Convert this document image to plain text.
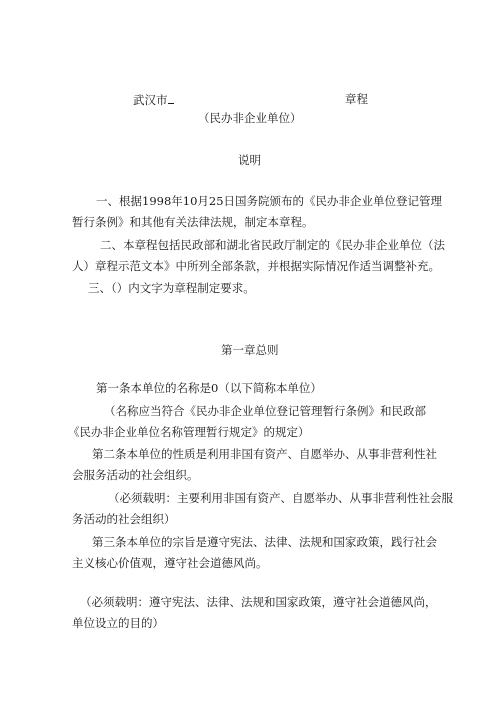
武汉市	章程
（民办非企业单位）
说明
一、根据1998年10月25日国务院颁布的《民办非企业单位登记管理
暂行条例》和其他有关法律法规，制定本章程。
二、本章程包括民政部和湖北省民政厅制定的《民办非企业单位（法
人）章程示范文本》中所列全部条款，并根据实际情况作适当调整补充。
三、（）内文字为章程制定要求。
第一章总则
第一条本单位的名称是0（以下简称本单位）
（名称应当符合《民办非企业单位登记管理暂行条例》和民政部
《民办非企业单位名称管理暂行规定》的规定）
第二条本单位的性质是利用非国有资产、自愿举办、从事非营利性社
会服务活动的社会组织。
（必须载明：主要利用非国有资产、自愿举办、从事非营利性社会服
务活动的社会组织）
第三条本单位的宗旨是遵守宪法、法律、法规和国家政策，践行社会
主义核心价值观，遵守社会道德风尚。
（必须载明：遵守宪法、法律、法规和国家政策，遵守社会道德风尚，
单位设立的目的）
